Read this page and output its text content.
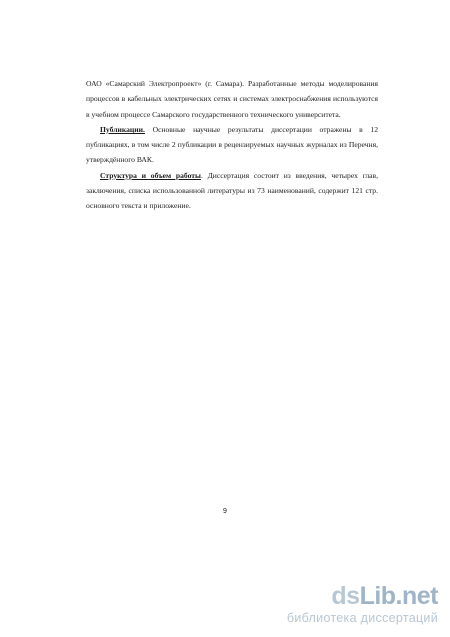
ОАО «Самарский Электропроект» (г. Самара). Разработанные методы моделирования процессов в кабельных электрических сетях и системах электроснабжения используются в учебном процессе Самарского государственного технического университета.

Публикации. Основные научные результаты диссертации отражены в 12 публикациях, в том числе 2 публикации в рецензируемых научных журналах из Перечня, утверждённого ВАК.

Структура и объем работы. Диссертация состоит из введения, четырех глав, заключения, списка использованной литературы из 73 наименований, содержит 121 стр. основного текста и приложение.

9
dsLib.net
библиотека диссертаций
